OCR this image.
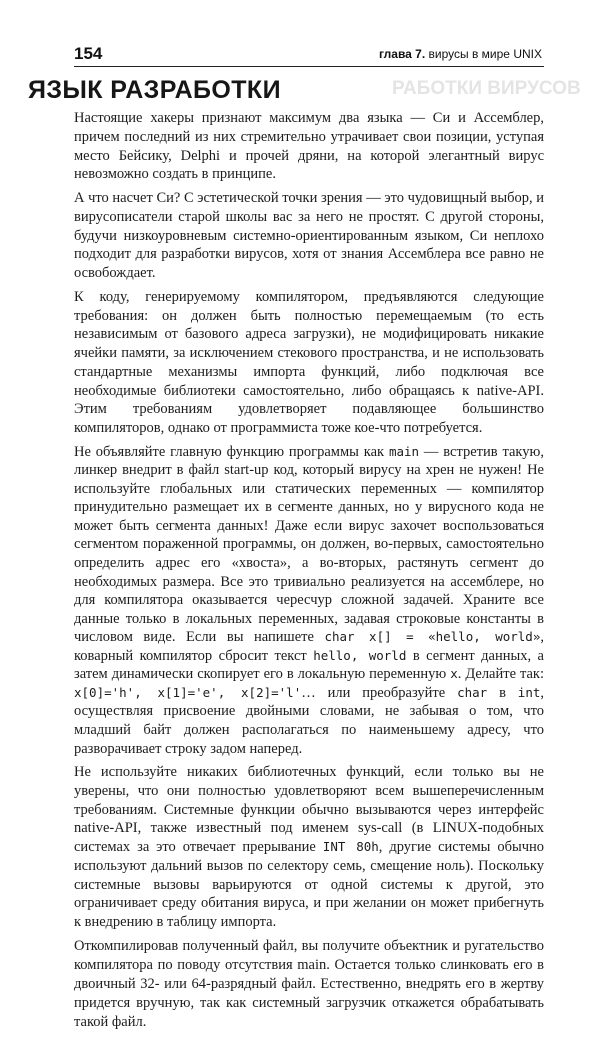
154	глава 7. вирусы в мире UNIX
РАБОТКИ ВИРУСОВ
ЯЗЫК РАЗРАБОТКИ

Настоящие хакеры признают максимум два языка — Си и Ассемблер, причем последний из них стремительно утрачивает свои позиции, уступая место Бейсику, Delphi и прочей дряни, на которой элегантный вирус невозможно создать в принципе.

А что насчет Си? С эстетической точки зрения — это чудовищный выбор, и вирусописатели старой школы вас за него не простят. С другой стороны, будучи низкоуровневым системно-ориентированным языком, Си неплохо подходит для разработки вирусов, хотя от знания Ассемблера все равно не освобождает.

К коду, генерируемому компилятором, предъявляются следующие требования: он должен быть полностью перемещаемым (то есть независимым от базового адреса загрузки), не модифицировать никакие ячейки памяти, за исключением стекового пространства, и не использовать стандартные механизмы импорта функций, либо подключая все необходимые библиотеки самостоятельно, либо обращаясь к native-API. Этим требованиям удовлетворяет подавляющее большинство компиляторов, однако от программиста тоже кое-что потребуется.

Не объявляйте главную функцию программы как main — встретив такую, линкер внедрит в файл start-up код, который вирусу на хрен не нужен! Не используйте глобальных или статических переменных — компилятор принудительно размещает их в сегменте данных, но у вирусного кода не может быть сегмента данных! Даже если вирус захочет воспользоваться сегментом пораженной программы, он должен, во-первых, самостоятельно определить адрес его «хвоста», а во-вторых, растянуть сегмент до необходимых размера. Все это тривиально реализуется на ассемблере, но для компилятора оказывается чересчур сложной задачей. Храните все данные только в локальных переменных, задавая строковые константы в числовом виде. Если вы напишете char x[] = «hello, world», коварный компилятор сбросит текст hello, world в сегмент данных, а затем динамически скопирует его в локальную переменную x. Делайте так: x[0]='h', x[1]='e', x[2]='l'… или преобразуйте char в int, осуществляя присвоение двойными словами, не забывая о том, что младший байт должен располагаться по наименьшему адресу, что разворачивает строку задом наперед.

Не используйте никаких библиотечных функций, если только вы не уверены, что они полностью удовлетворяют всем вышеперечисленным требованиям. Системные функции обычно вызываются через интерфейс native-API, также известный под именем sys-call (в LINUX-подобных системах за это отвечает прерывание INT 80h, другие системы обычно используют дальний вызов по селектору семь, смещение ноль). Поскольку системные вызовы варьируются от одной системы к другой, это ограничивает среду обитания вируса, и при желании он может прибегнуть к внедрению в таблицу импорта.

Откомпилировав полученный файл, вы получите объектник и ругательство компилятора по поводу отсутствия main. Остается только слинковать его в двоичный 32- или 64-разрядный файл. Естественно, внедрять его в жертву придется вручную, так как системный загрузчик откажется обрабатывать такой файл.
